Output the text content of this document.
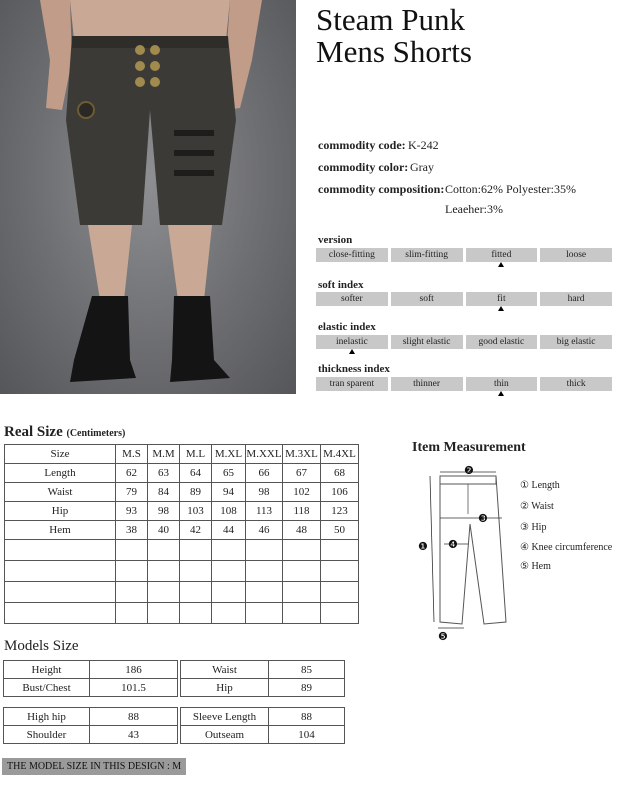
Steam Punk
Mens Shorts
commodity code: K-242
commodity color: Gray
commodity composition: Cotton:62% Polyester:35%
Leaeher:3%
version
close-fitting	slim-fitting	fitted	loose
soft index
softer	soft	fit	hard
elastic index
inelastic	slight elastic	good elastic	big elastic
thickness index
tran sparent	thinner	thin	thick
Real Size (Centimeters)
Size	M.S	M.M	M.L	M.XL	M.XXL	M.3XL	M.4XL
Length	62	63	64	65	66	67	68
Waist	79	84	89	94	98	102	106
Hip	93	98	103	108	113	118	123
Hem	38	40	42	44	46	48	50

Models Size
Height	186
Bust/Chest	101.5
Waist	85
Hip	89
High hip	88
Shoulder	43
Sleeve Length	88
Outseam	104
THE MODEL SIZE IN THIS DESIGN : M
Item Measurement
❶
❷
❸
❹
❺
① Length
② Waist
③ Hip
④ Knee circumference
⑤ Hem
